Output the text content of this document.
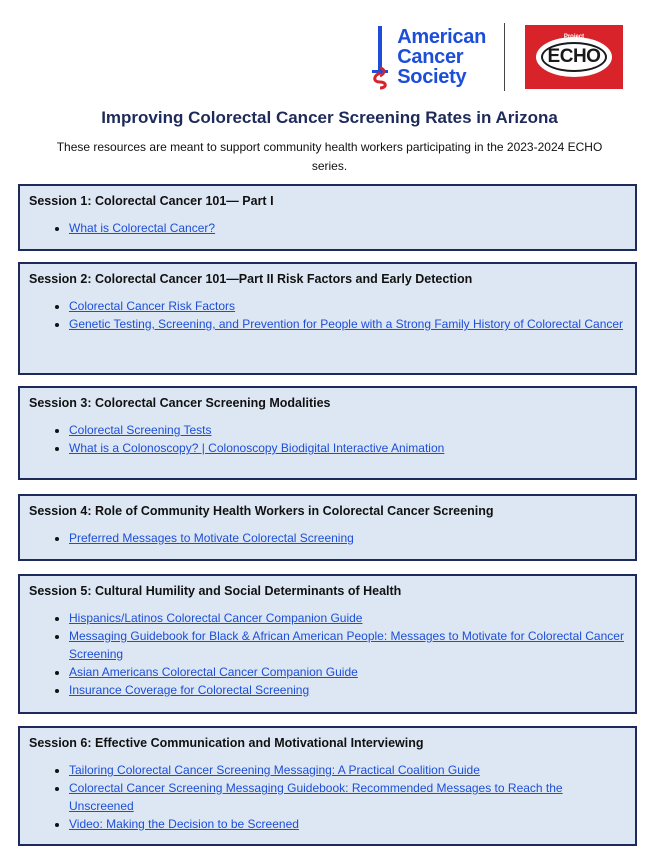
American
Cancer
Society
ECHO
Project
Improving Colorectal Cancer Screening Rates in Arizona
These resources are meant to support community health workers participating in the 2023-2024 ECHO series.
Session 1: Colorectal Cancer 101— Part I
• What is Colorectal Cancer?
Session 2: Colorectal Cancer 101—Part II Risk Factors and Early Detection
• Colorectal Cancer Risk Factors
• Genetic Testing, Screening, and Prevention for People with a Strong Family History of Colorectal Cancer
Session 3: Colorectal Cancer Screening Modalities
• Colorectal Screening Tests
• What is a Colonoscopy? | Colonoscopy Biodigital Interactive Animation
Session 4: Role of Community Health Workers in Colorectal Cancer Screening
• Preferred Messages to Motivate Colorectal Screening
Session 5: Cultural Humility and Social Determinants of Health
• Hispanics/Latinos Colorectal Cancer Companion Guide
• Messaging Guidebook for Black & African American People: Messages to Motivate for Colorectal Cancer Screening
• Asian Americans Colorectal Cancer Companion Guide
• Insurance Coverage for Colorectal Screening
Session 6: Effective Communication and Motivational Interviewing
• Tailoring Colorectal Cancer Screening Messaging: A Practical Coalition Guide
• Colorectal Cancer Screening Messaging Guidebook: Recommended Messages to Reach the Unscreened
• Video: Making the Decision to be Screened
